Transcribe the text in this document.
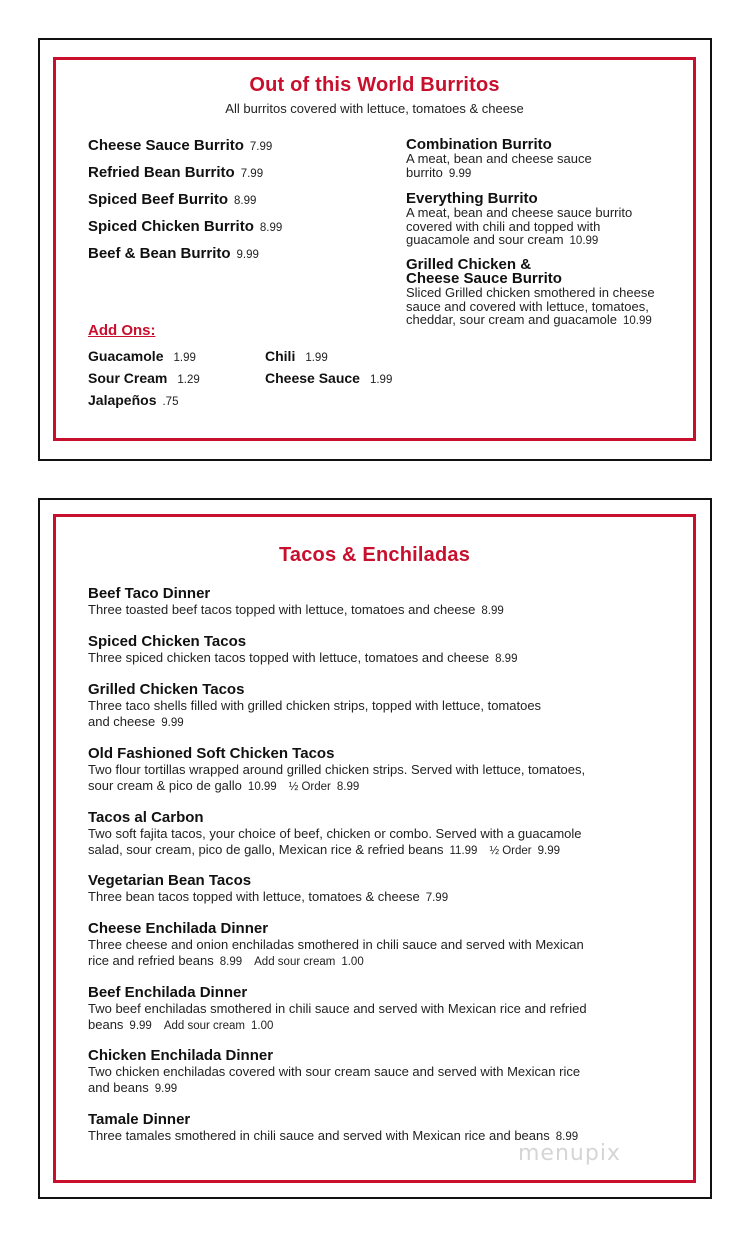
Out of this World Burritos
All burritos covered with lettuce, tomatoes & cheese
Cheese Sauce Burrito 7.99
Refried Bean Burrito 7.99
Spiced Beef Burrito 8.99
Spiced Chicken Burrito 8.99
Beef & Bean Burrito 9.99
Combination Burrito
A meat, bean and cheese sauce
burrito 9.99
Everything Burrito
A meat, bean and cheese sauce burrito
covered with chili and topped with
guacamole and sour cream 10.99
Grilled Chicken &
Cheese Sauce Burrito
Sliced Grilled chicken smothered in cheese
sauce and covered with lettuce, tomatoes,
cheddar, sour cream and guacamole 10.99
Add Ons:
Guacamole 1.99	Chili 1.99
Sour Cream 1.29	Cheese Sauce 1.99
Jalapeños .75
Tacos & Enchiladas
Beef Taco Dinner
Three toasted beef tacos topped with lettuce, tomatoes and cheese 8.99
Spiced Chicken Tacos
Three spiced chicken tacos topped with lettuce, tomatoes and cheese 8.99
Grilled Chicken Tacos
Three taco shells filled with grilled chicken strips, topped with lettuce, tomatoes
and cheese 9.99
Old Fashioned Soft Chicken Tacos
Two flour tortillas wrapped around grilled chicken strips. Served with lettuce, tomatoes,
sour cream & pico de gallo 10.99 ½ Order 8.99
Tacos al Carbon
Two soft fajita tacos, your choice of beef, chicken or combo. Served with a guacamole
salad, sour cream, pico de gallo, Mexican rice & refried beans 11.99 ½ Order 9.99
Vegetarian Bean Tacos
Three bean tacos topped with lettuce, tomatoes & cheese 7.99
Cheese Enchilada Dinner
Three cheese and onion enchiladas smothered in chili sauce and served with Mexican
rice and refried beans 8.99 Add sour cream 1.00
Beef Enchilada Dinner
Two beef enchiladas smothered in chili sauce and served with Mexican rice and refried
beans 9.99 Add sour cream 1.00
Chicken Enchilada Dinner
Two chicken enchiladas covered with sour cream sauce and served with Mexican rice
and beans 9.99
Tamale Dinner
Three tamales smothered in chili sauce and served with Mexican rice and beans 8.99
menupix
